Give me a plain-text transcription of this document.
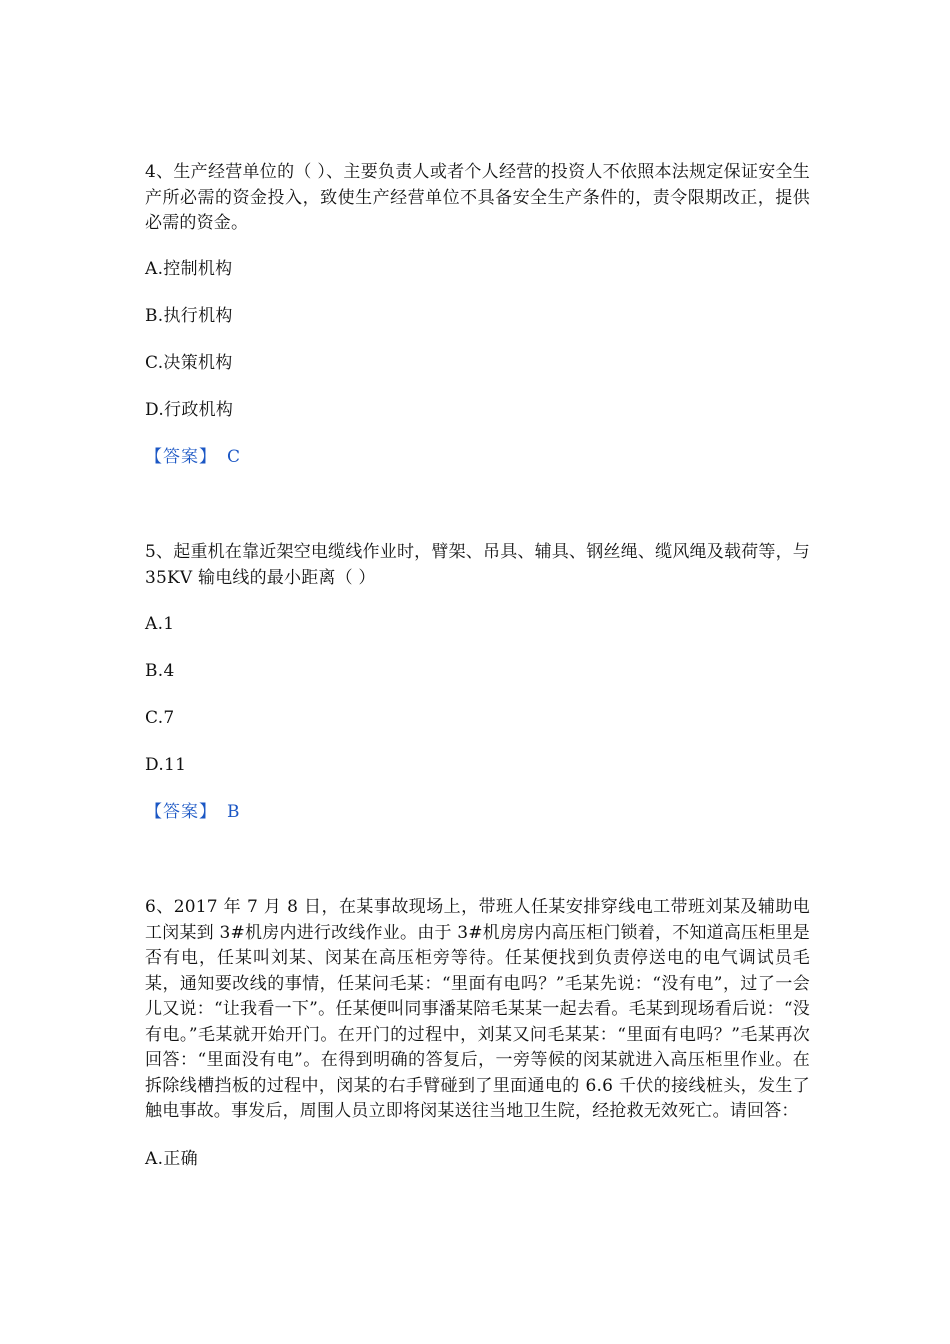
4、生产经营单位的（ ）、主要负责人或者个人经营的投资人不依照本法规定保证安全生产所必需的资金投入，致使生产经营单位不具备安全生产条件的，责令限期改正，提供必需的资金。

A.控制机构

B.执行机构

C.决策机构

D.行政机构

【答案】 C

5、起重机在靠近架空电缆线作业时，臂架、吊具、辅具、钢丝绳、缆风绳及载荷等，与 35KV 输电线的最小距离（ ）

A.1

B.4

C.7

D.11

【答案】 B

6、2017 年 7 月 8 日，在某事故现场上，带班人任某安排穿线电工带班刘某及辅助电工闵某到 3#机房内进行改线作业。由于 3#机房房内高压柜门锁着，不知道高压柜里是否有电，任某叫刘某、闵某在高压柜旁等待。任某便找到负责停送电的电气调试员毛某，通知要改线的事情，任某问毛某：“里面有电吗？”毛某先说：“没有电”，过了一会儿又说：“让我看一下”。任某便叫同事潘某陪毛某某一起去看。毛某到现场看后说：“没有电。”毛某就开始开门。在开门的过程中，刘某又问毛某某：“里面有电吗？”毛某再次回答：“里面没有电”。在得到明确的答复后，一旁等候的闵某就进入高压柜里作业。在拆除线槽挡板的过程中，闵某的右手臂碰到了里面通电的 6.6 千伏的接线桩头，发生了触电事故。事发后，周围人员立即将闵某送往当地卫生院，经抢救无效死亡。请回答：

A.正确
